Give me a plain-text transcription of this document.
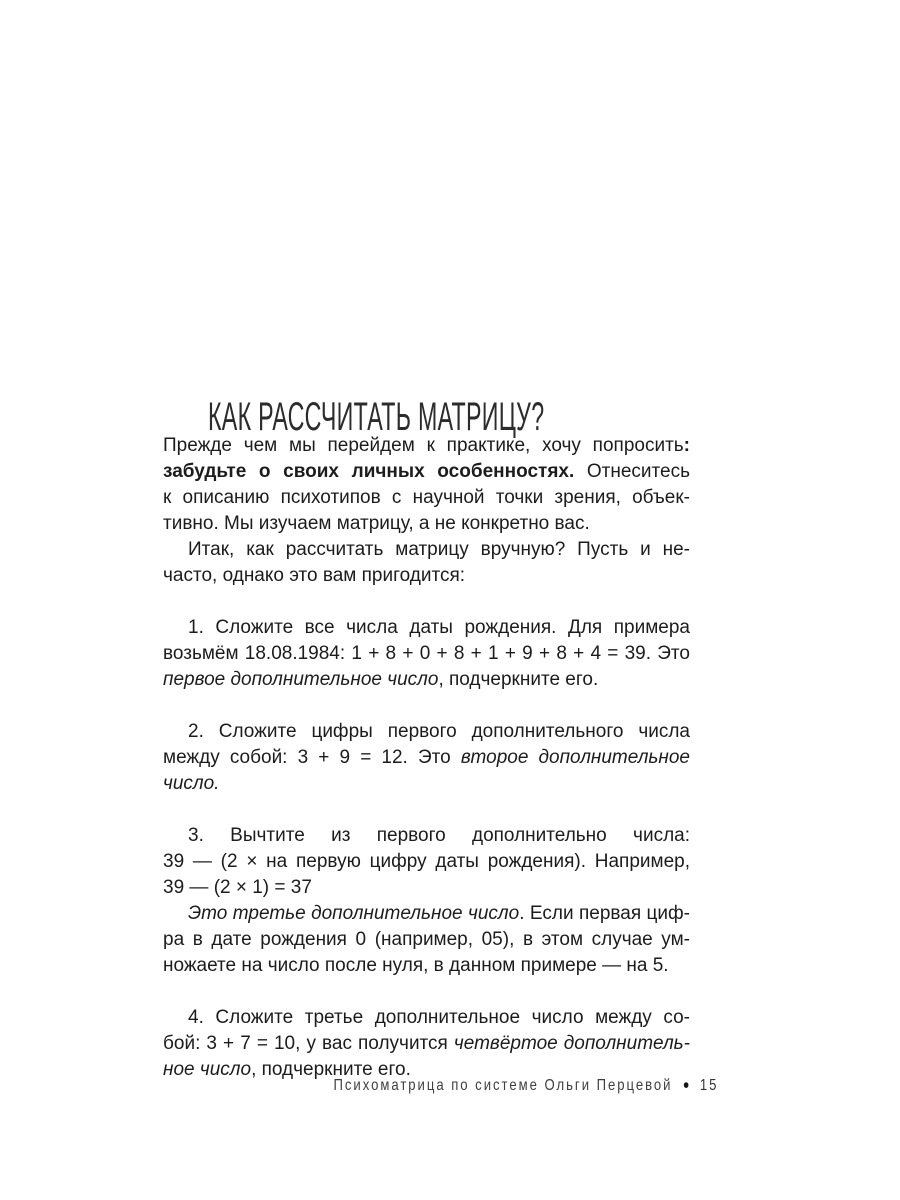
КАК РАССЧИТАТЬ МАТРИЦУ?
Прежде чем мы перейдем к практике, хочу попросить:
забудьте о своих личных особенностях. Отнеситесь
к описанию психотипов с научной точки зрения, объек-
тивно. Мы изучаем матрицу, а не конкретно вас.
Итак, как рассчитать матрицу вручную? Пусть и не-
часто, однако это вам пригодится:
1. Сложите все числа даты рождения. Для примера
возьмём 18.08.1984: 1 + 8 + 0 + 8 + 1 + 9 + 8 + 4 = 39. Это
первое дополнительное число, подчеркните его.
2. Сложите цифры первого дополнительного числа
между собой: 3 + 9 = 12. Это второе дополнительное число.
3. Вычтите из первого дополнительно числа:
39 — (2 × на первую цифру даты рождения). Например,
39 — (2 × 1) = 37
Это третье дополнительное число. Если первая циф-
ра в дате рождения 0 (например, 05), в этом случае ум-
ножаете на число после нуля, в данном примере — на 5.
4. Сложите третье дополнительное число между со-
бой: 3 + 7 = 10, у вас получится четвёртое дополнитель-
ное число, подчеркните его.
Психоматрица по системе Ольги Перцевой • 15
